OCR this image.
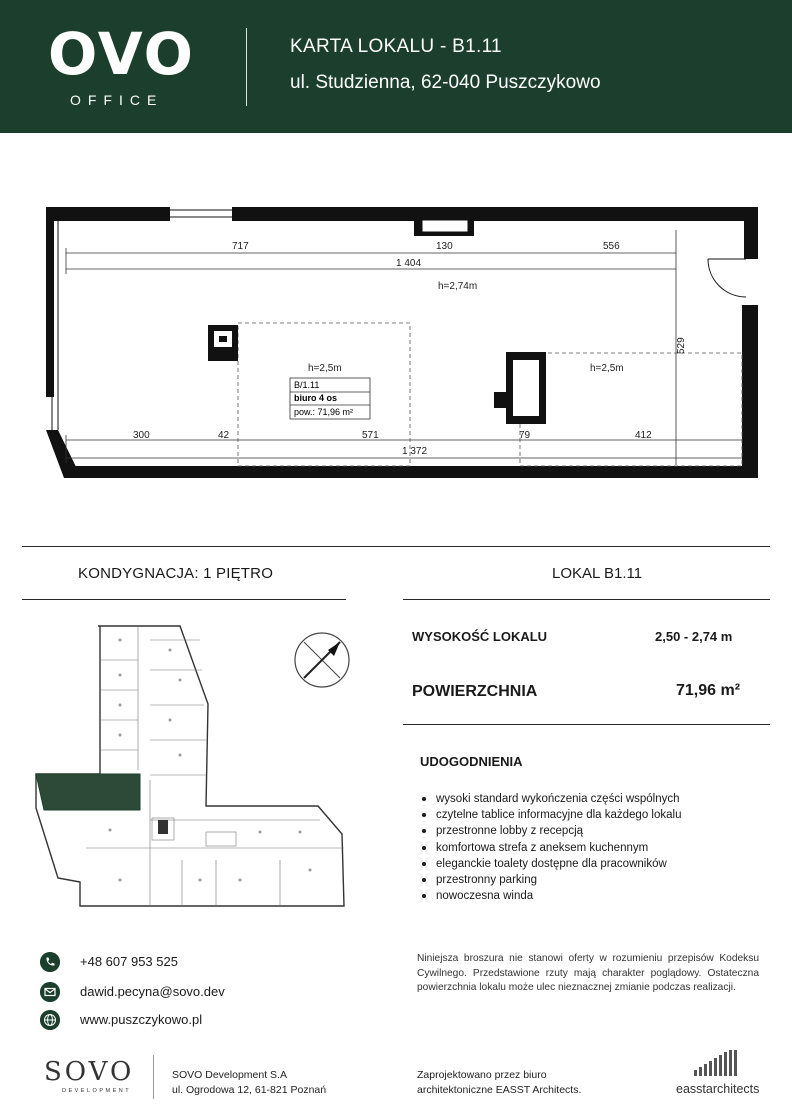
OVO
OFFICE
KARTA LOKALU - B1.11
ul. Studzienna, 62-040 Puszczykowo
B/1.11
biuro 4 os
pow.: 71,96 m²
717	130	556
1 404
h=2,74m
h=2,5m	h=2,5m
529
300	42	571	79	412
1 372
KONDYGNACJA: 1 PIĘTRO	LOKAL B1.11
WYSOKOŚĆ LOKALU	2,50 - 2,74 m
POWIERZCHNIA	71,96 m²
UDOGODNIENIA
wysoki standard wykończenia części wspólnych
czytelne tablice informacyjne dla każdego lokalu
przestronne lobby z recepcją
komfortowa strefa z aneksem kuchennym
eleganckie toalety dostępne dla pracowników
przestronny parking
nowoczesna winda
+48 607 953 525
dawid.pecyna@sovo.dev
www.puszczykowo.pl
Niniejsza broszura nie stanowi oferty w rozumieniu przepisów Kodeksu Cywilnego. Przedstawione rzuty mają charakter poglądowy. Ostateczna powierzchnia lokalu może ulec nieznacznej zmianie podczas realizacji.
SOVO
DEVELOPMENT
SOVO Development S.A
ul. Ogrodowa 12, 61-821 Poznań
Zaprojektowano przez biuro
architektoniczne EASST Architects.	easstarchitects
